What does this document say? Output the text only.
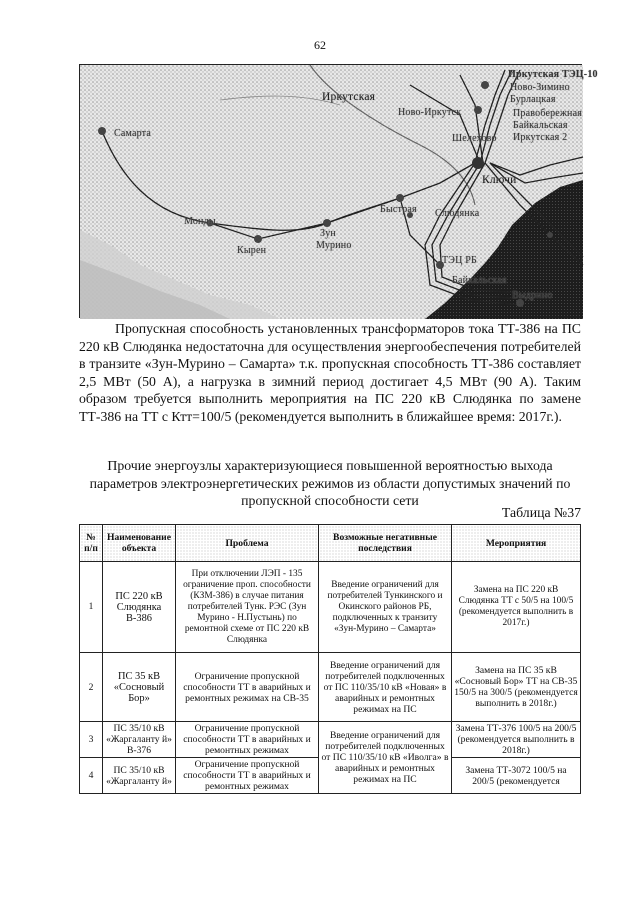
62
Иркутская ТЭЦ-10
Ново-Зимино
Бурлацкая
Иркутская
Ново-Иркутск	Правобережная
Байкальская
Иркутская 2
Шелехово
Самарта
Ключи
Быстрая Слюдянка
Монды
Зун
Кырен	Мурино
ТЭЦ РБ
Байкальская
Выдрино
Пропускная способность установленных трансформаторов тока ТТ-386 на ПС 220 кВ Слюдянка недостаточна для осуществления энергообеспечения потребителей в транзите «Зун-Мурино – Самарта» т.к. пропускная способность ТТ-386 составляет 2,5 МВт (50 А), а нагрузка в зимний период достигает 4,5 МВт (90 А). Таким образом требуется выполнить мероприятия на ПС 220 кВ Слюдянка по замене ТТ-386 на ТТ с Ктт=100/5 (рекомендуется выполнить в ближайшее время: 2017г.).
Прочие энергоузлы характеризующиеся повышенной вероятностью выхода параметров электроэнергетических режимов из области допустимых значений по пропускной способности сети
Таблица №37
№ п/п	Наименование объекта	Проблема	Возможные негативные последствия	Мероприятия
1	ПС 220 кВ Слюдянка В-386	При отключении ЛЭП - 135 ограничение проп. способности (КЗМ-386) в случае питания потребителей Тунк. РЭС (Зун Мурино - Н.Пустынь) по ремонтной схеме от ПС 220 кВ Слюдянка	Введение ограничений для потребителей Тункинского и Окинского районов РБ, подключенных к транзиту «Зун-Мурино – Самарта»	Замена на ПС 220 кВ Слюдянка ТТ с 50/5 на 100/5 (рекомендуется выполнить в 2017г.)
2	ПС 35 кВ «Сосновый Бор»	Ограничение пропускной способности ТТ в аварийных и ремонтных режимах на СВ-35	Введение ограничений для потребителей подключенных от ПС 110/35/10 кВ «Новая» в аварийных и ремонтных режимах на ПС	Замена на ПС 35 кВ «Сосновый Бор» ТТ на СВ-35 150/5 на 300/5 (рекомендуется выполнить в 2018г.)
3	ПС 35/10 кВ «Жаргаланту й» В-376	Ограничение пропускной способности ТТ в аварийных и ремонтных режимах	Введение ограничений для потребителей подключенных от ПС 110/35/10 кВ «Иволга» в аварийных и ремонтных режимах на ПС	Замена ТТ-376 100/5 на 200/5 (рекомендуется выполнить в 2018г.)
4	ПС 35/10 кВ «Жаргаланту й»	Ограничение пропускной способности ТТ в аварийных и ремонтных режимах		Замена ТТ-3072 100/5 на 200/5 (рекомендуется
